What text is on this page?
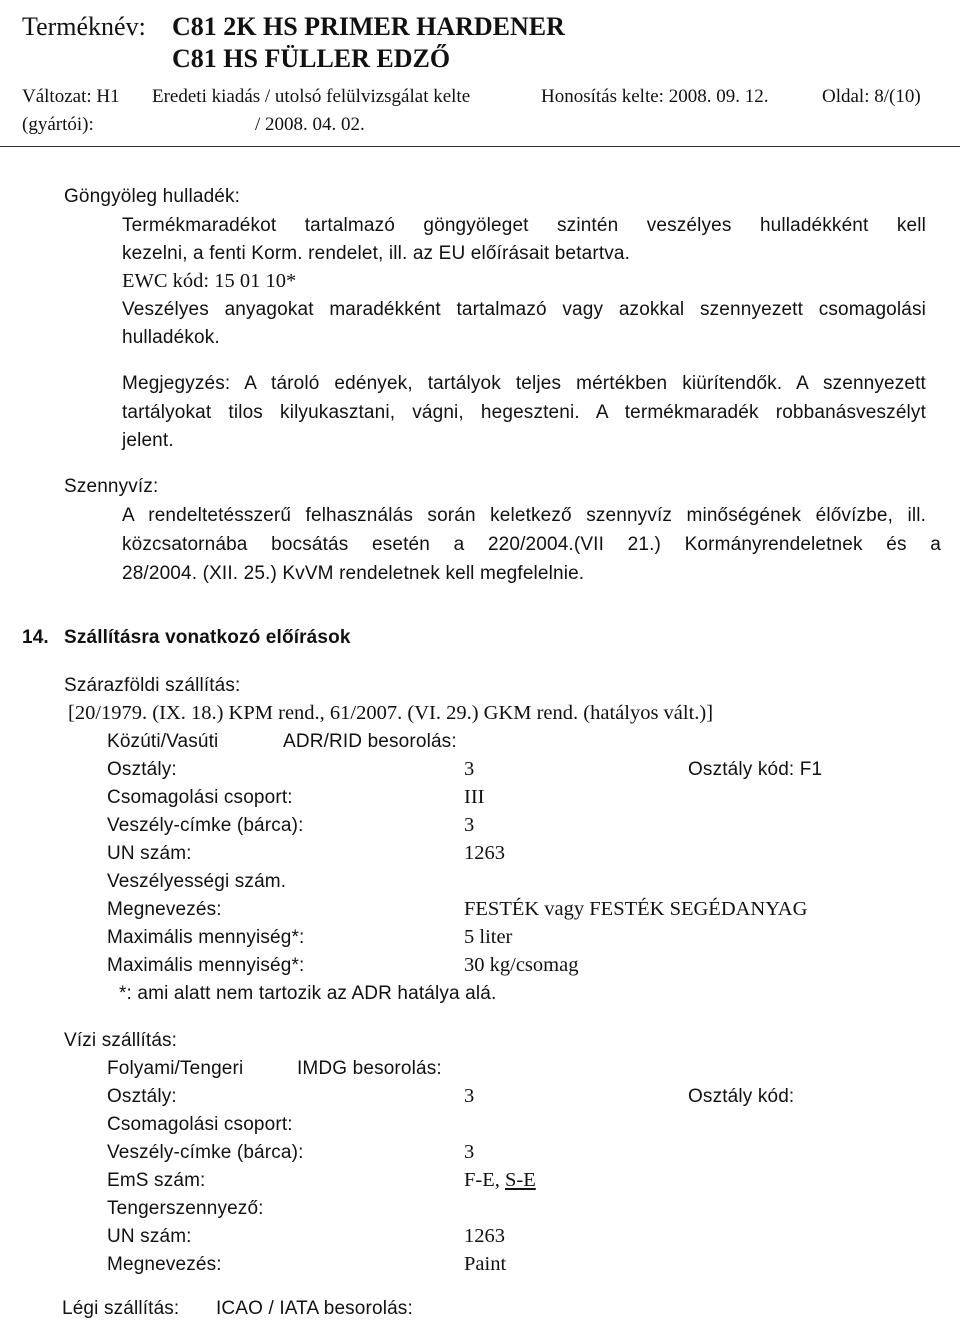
Terméknév: C81 2K HS PRIMER HARDENER
C81 HS FÜLLER EDZŐ
Változat: H1 Eredeti kiadás / utolsó felülvizsgálat kelte
(gyártói):	/ 2008. 04. 02.
Honosítás kelte: 2008. 09. 12.	Oldal: 8/(10)
Göngyöleg hulladék:
Termékmaradékot tartalmazó göngyöleget szintén veszélyes hulladékként kell
kezelni, a fenti Korm. rendelet, ill. az EU előírásait betartva.
EWC kód: 15 01 10*
Veszélyes anyagokat maradékként tartalmazó vagy azokkal szennyezett csomagolási
hulladékok.
Megjegyzés: A tároló edények, tartályok teljes mértékben kiürítendők. A szennyezett
tartályokat tilos kilyukasztani, vágni, hegeszteni. A termékmaradék robbanásveszélyt
jelent.
Szennyvíz:
A rendeltetésszerű felhasználás során keletkező szennyvíz minőségének élővízbe, ill.
közcsatornába bocsátás esetén a 220/2004.(VII 21.) Kormányrendeletnek és a
28/2004. (XII. 25.) KvVM rendeletnek kell megfelelnie.
14. Szállításra vonatkozó előírások
Szárazföldi szállítás:
[20/1979. (IX. 18.) KPM rend., 61/2007. (VI. 29.) GKM rend. (hatályos vált.)]
Közúti/Vasúti	ADR/RID besorolás:
Osztály:	3	Osztály kód: F1
Csomagolási csoport:	III
Veszély-címke (bárca):	3
UN szám:	1263
Veszélyességi szám.
Megnevezés:	FESTÉK vagy FESTÉK SEGÉDANYAG
Maximális mennyiség*:	5 liter
Maximális mennyiség*:	30 kg/csomag
*: ami alatt nem tartozik az ADR hatálya alá.
Vízi szállítás:
Folyami/Tengeri	IMDG besorolás:
Osztály:	3	Osztály kód:
Csomagolási csoport:
Veszély-címke (bárca):	3
EmS szám:	F-E, S-E
Tengerszennyező:
UN szám:	1263
Megnevezés:	Paint
Légi szállítás: ICAO / IATA besorolás:
